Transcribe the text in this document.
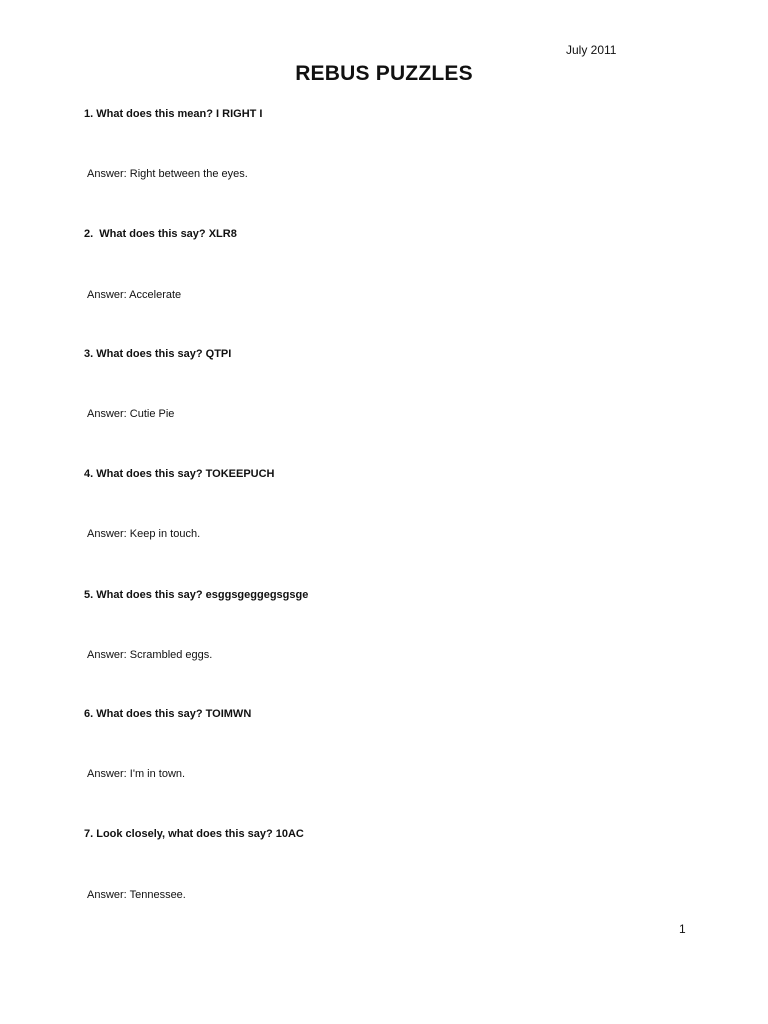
July 2011
REBUS PUZZLES
1. What does this mean? I RIGHT I
Answer: Right between the eyes.
2.  What does this say? XLR8
Answer: Accelerate
3. What does this say? QTPI
Answer: Cutie Pie
4. What does this say? TOKEEPUCH
Answer: Keep in touch.
5. What does this say? esggsgeggegsgsge
Answer: Scrambled eggs.
6. What does this say? TOIMWN
Answer: I'm in town.
7. Look closely, what does this say? 10AC
Answer: Tennessee.
1
